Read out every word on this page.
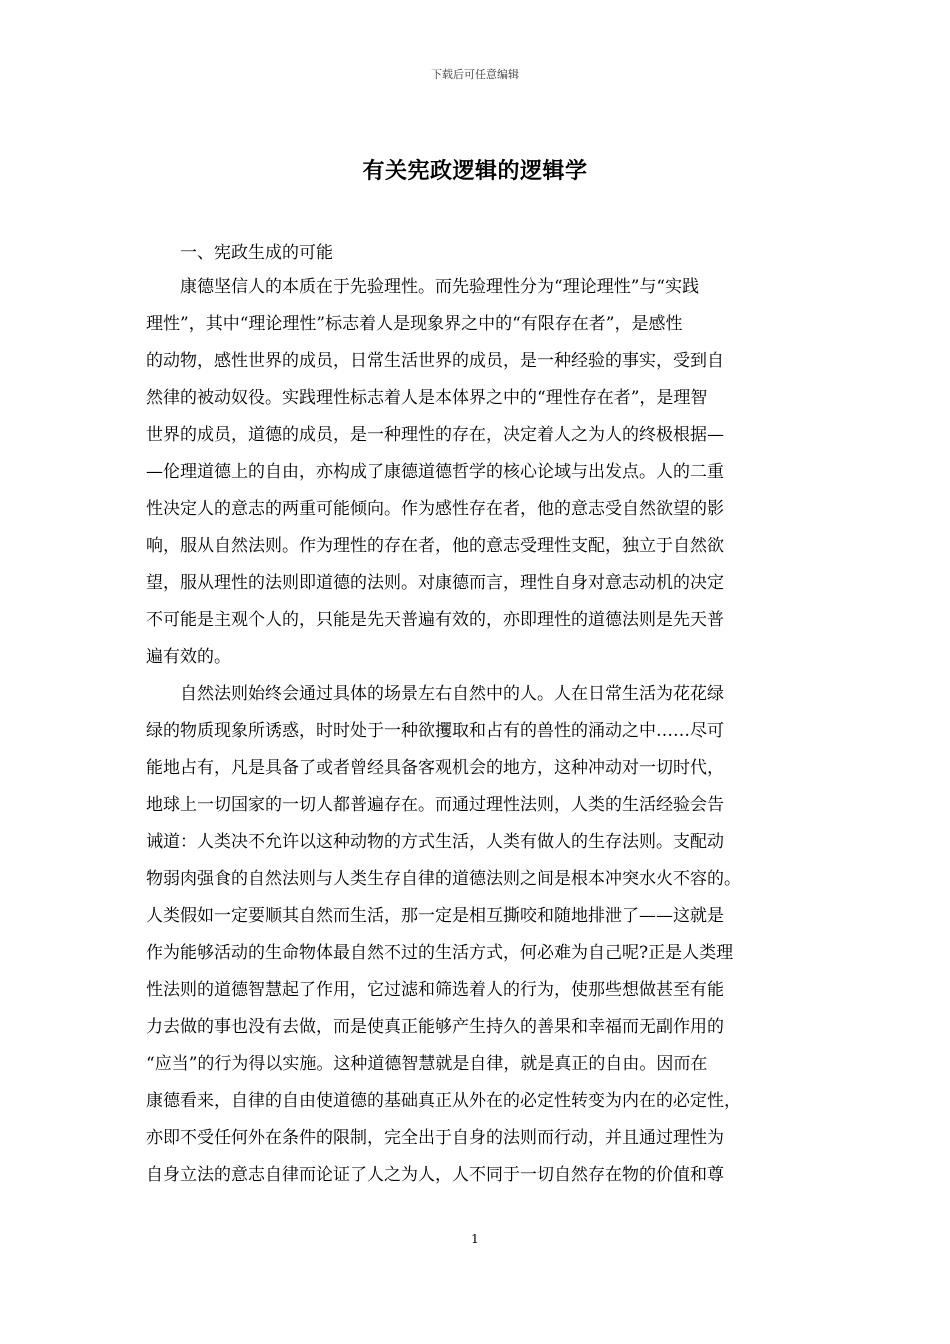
下载后可任意编辑
有关宪政逻辑的逻辑学
一、宪政生成的可能
康德坚信人的本质在于先验理性。而先验理性分为“理论理性”与“实践
理性”，其中“理论理性”标志着人是现象界之中的“有限存在者”，是感性
的动物，感性世界的成员，日常生活世界的成员，是一种经验的事实，受到自
然律的被动奴役。实践理性标志着人是本体界之中的“理性存在者”，是理智
世界的成员，道德的成员，是一种理性的存在，决定着人之为人的终极根据—
—伦理道德上的自由，亦构成了康德道德哲学的核心论域与出发点。人的二重
性决定人的意志的两重可能倾向。作为感性存在者，他的意志受自然欲望的影
响，服从自然法则。作为理性的存在者，他的意志受理性支配，独立于自然欲
望，服从理性的法则即道德的法则。对康德而言，理性自身对意志动机的决定
不可能是主观个人的，只能是先天普遍有效的，亦即理性的道德法则是先天普
遍有效的。
自然法则始终会通过具体的场景左右自然中的人。人在日常生活为花花绿
绿的物质现象所诱惑，时时处于一种欲攫取和占有的兽性的涌动之中……尽可
能地占有，凡是具备了或者曾经具备客观机会的地方，这种冲动对一切时代，
地球上一切国家的一切人都普遍存在。而通过理性法则，人类的生活经验会告
诫道：人类决不允许以这种动物的方式生活，人类有做人的生存法则。支配动
物弱肉强食的自然法则与人类生存自律的道德法则之间是根本冲突水火不容的。
人类假如一定要顺其自然而生活，那一定是相互撕咬和随地排泄了——这就是
作为能够活动的生命物体最自然不过的生活方式，何必难为自己呢?正是人类理
性法则的道德智慧起了作用，它过滤和筛选着人的行为，使那些想做甚至有能
力去做的事也没有去做，而是使真正能够产生持久的善果和幸福而无副作用的
“应当”的行为得以实施。这种道德智慧就是自律，就是真正的自由。因而在
康德看来，自律的自由使道德的基础真正从外在的必定性转变为内在的必定性，
亦即不受任何外在条件的限制，完全出于自身的法则而行动，并且通过理性为
自身立法的意志自律而论证了人之为人，人不同于一切自然存在物的价值和尊
1
